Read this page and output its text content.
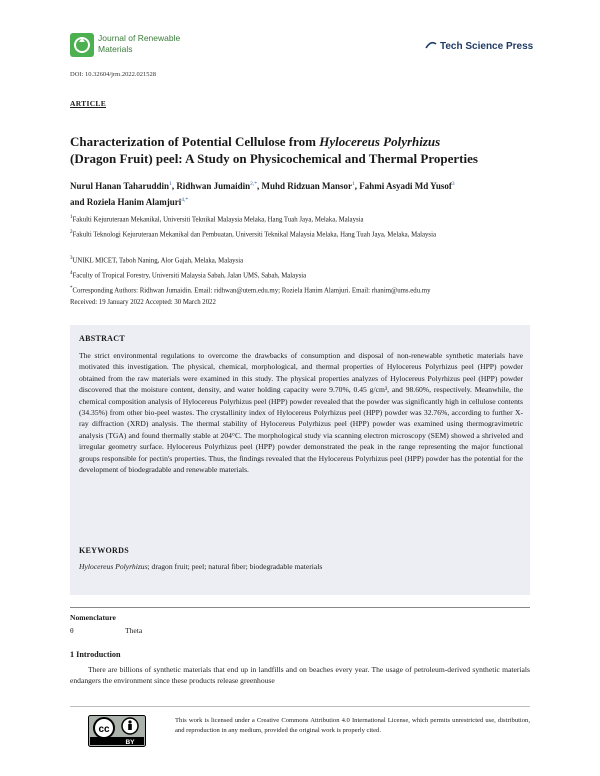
Journal of Renewable
Materials	Tech Science Press
DOI: 10.32604/jrm.2022.021528
ARTICLE
Characterization of Potential Cellulose from Hylocereus Polyrhizus
(Dragon Fruit) peel: A Study on Physicochemical and Thermal Properties
Nurul Hanan Taharuddin$^1$, Ridhwan Jumaidin$^{2,*}$, Muhd Ridzuan Mansor$^1$, Fahmi Asyadi Md Yusof$^3$
and Roziela Hanim Alamjuri$^{4,*}$
$^1$Fakulti Kejuruteraan Mekanikal, Universiti Teknikal Malaysia Melaka, Hang Tuah Jaya, Melaka, Malaysia
$^2$Fakulti Teknologi Kejuruteraan Mekanikal dan Pembuatan, Universiti Teknikal Malaysia Melaka, Hang Tuah Jaya, Melaka, Malaysia
$^3$UNIKL MICET, Taboh Naning, Alor Gajah, Melaka, Malaysia
$^4$Faculty of Tropical Forestry, Universiti Malaysia Sabah, Jalan UMS, Sabah, Malaysia
*Corresponding Authors: Ridhwan Jumaidin. Email: ridhwan@utem.edu.my; Roziela Hanim Alamjuri. Email: rhanim@ums.edu.my
Received: 19 January 2022 Accepted: 30 March 2022
ABSTRACT
The strict environmental regulations to overcome the drawbacks of consumption and disposal of non-renewable synthetic materials have motivated this investigation. The physical, chemical, morphological, and thermal properties of Hylocereus Polyrhizus peel (HPP) powder obtained from the raw materials were examined in this study. The physical properties analyzes of Hylocereus Polyrhizus peel (HPP) powder discovered that the moisture content, density, and water holding capacity were 9.70%, 0.45 g/cm³, and 98.60%, respectively. Meanwhile, the chemical composition analysis of Hylocereus Polyrhizus peel (HPP) powder revealed that the powder was significantly high in cellulose contents (34.35%) from other bio-peel wastes. The crystallinity index of Hylocereus Polyrhizus peel (HPP) powder was 32.76%, according to further X-ray diffraction (XRD) analysis. The thermal stability of Hylocereus Polyrhizus peel (HPP) powder was examined using thermogravimetric analysis (TGA) and found thermally stable at 204°C. The morphological study via scanning electron microscopy (SEM) showed a shriveled and irregular geometry surface. Hylocereus Polyrhizus peel (HPP) powder demonstrated the peak in the range representing the major functional groups responsible for pectin's properties. Thus, the findings revealed that the Hylocereus Polyrhizus peel (HPP) powder has the potential for the development of biodegradable and renewable materials.
KEYWORDS
Hylocereus Polyrhizus; dragon fruit; peel; natural fiber; biodegradable materials
Nomenclature
θ	Theta
1 Introduction
There are billions of synthetic materials that end up in landfills and on beaches every year. The usage of petroleum-derived synthetic materials endangers the environment since these products release greenhouse
cc
BY
This work is licensed under a Creative Commons Attribution 4.0 International License, which permits unrestricted use, distribution, and reproduction in any medium, provided the original work is properly cited.
